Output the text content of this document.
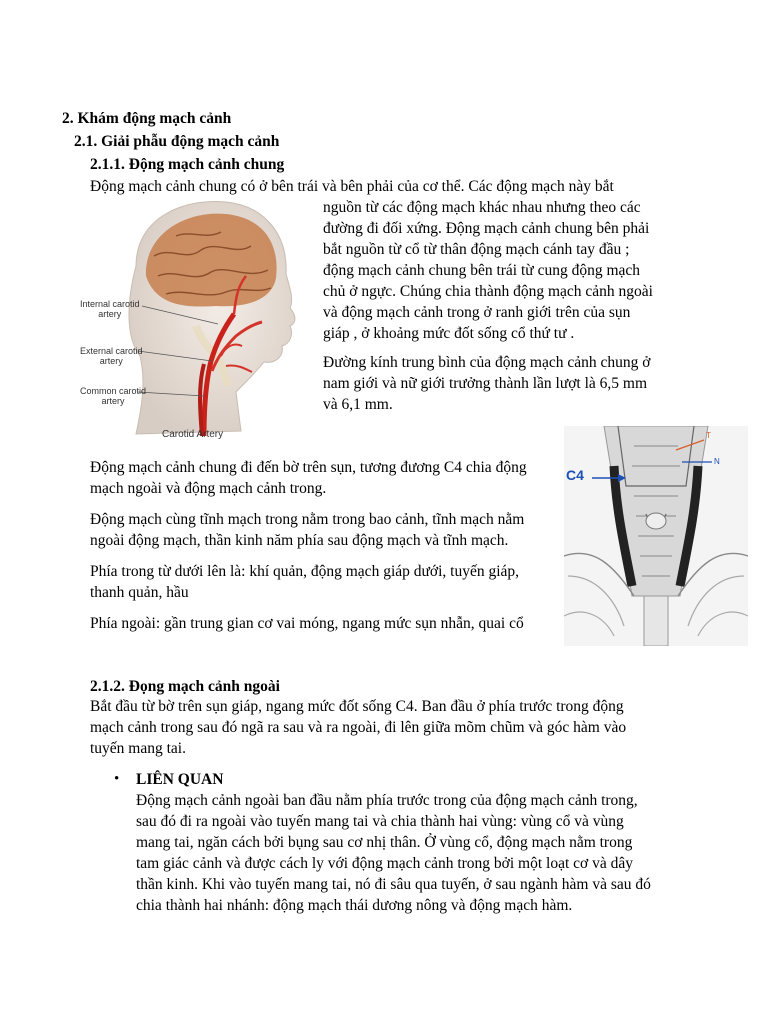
2. Khám động mạch cảnh
2.1. Giải phẫu động mạch cảnh
2.1.1. Động mạch cảnh chung
Động mạch cảnh chung có ở bên trái và bên phải của cơ thể. Các động mạch này bắt
Internal carotid
artery
External carotid
artery
Common carotid
artery
Carotid Artery
nguồn từ các động mạch khác nhau nhưng theo các
đường đi đối xứng. Động mạch cảnh chung bên phải
bắt nguồn từ cổ từ thân động mạch cánh tay đầu ;
động mạch cảnh chung bên trái từ cung động mạch
chủ ở ngực. Chúng chia thành động mạch cảnh ngoài
và động mạch cảnh trong ở ranh giới trên của sụn
giáp , ở khoảng mức đốt sống cổ thứ tư .
Đường kính trung bình của động mạch cảnh chung ở
nam giới và nữ giới trưởng thành lần lượt là 6,5 mm
và 6,1 mm.
C4
T
N
Động mạch cảnh chung đi đến bờ trên sụn, tương đương C4 chia động
mạch ngoài và động mạch cảnh trong.
Động mạch cùng tĩnh mạch trong nằm trong bao cảnh, tĩnh mạch nằm
ngoài động mạch, thần kinh năm phía sau động mạch và tĩnh mạch.
Phía trong từ dưới lên là: khí quản, động mạch giáp dưới, tuyến giáp,
thanh quản, hầu
Phía ngoài: gần trung gian cơ vai móng, ngang mức sụn nhẫn, quai cổ
2.1.2. Đọng mạch cảnh ngoài
Bắt đầu từ bờ trên sụn giáp, ngang mức đốt sống C4. Ban đầu ở phía trước trong động
mạch cảnh trong sau đó ngã ra sau và ra ngoài, đi lên giữa mõm chũm và góc hàm vào
tuyến mang tai.
• LIÊN QUAN
Động mạch cảnh ngoài ban đầu nằm phía trước trong của động mạch cảnh trong,
sau đó đi ra ngoài vào tuyến mang tai và chia thành hai vùng: vùng cổ và vùng
mang tai, ngăn cách bởi bụng sau cơ nhị thân. Ở vùng cổ, động mạch nằm trong
tam giác cảnh và được cách ly với động mạch cảnh trong bởi một loạt cơ và dây
thần kinh. Khi vào tuyến mang tai, nó đi sâu qua tuyến, ở sau ngành hàm và sau đó
chia thành hai nhánh: động mạch thái dương nông và động mạch hàm.
